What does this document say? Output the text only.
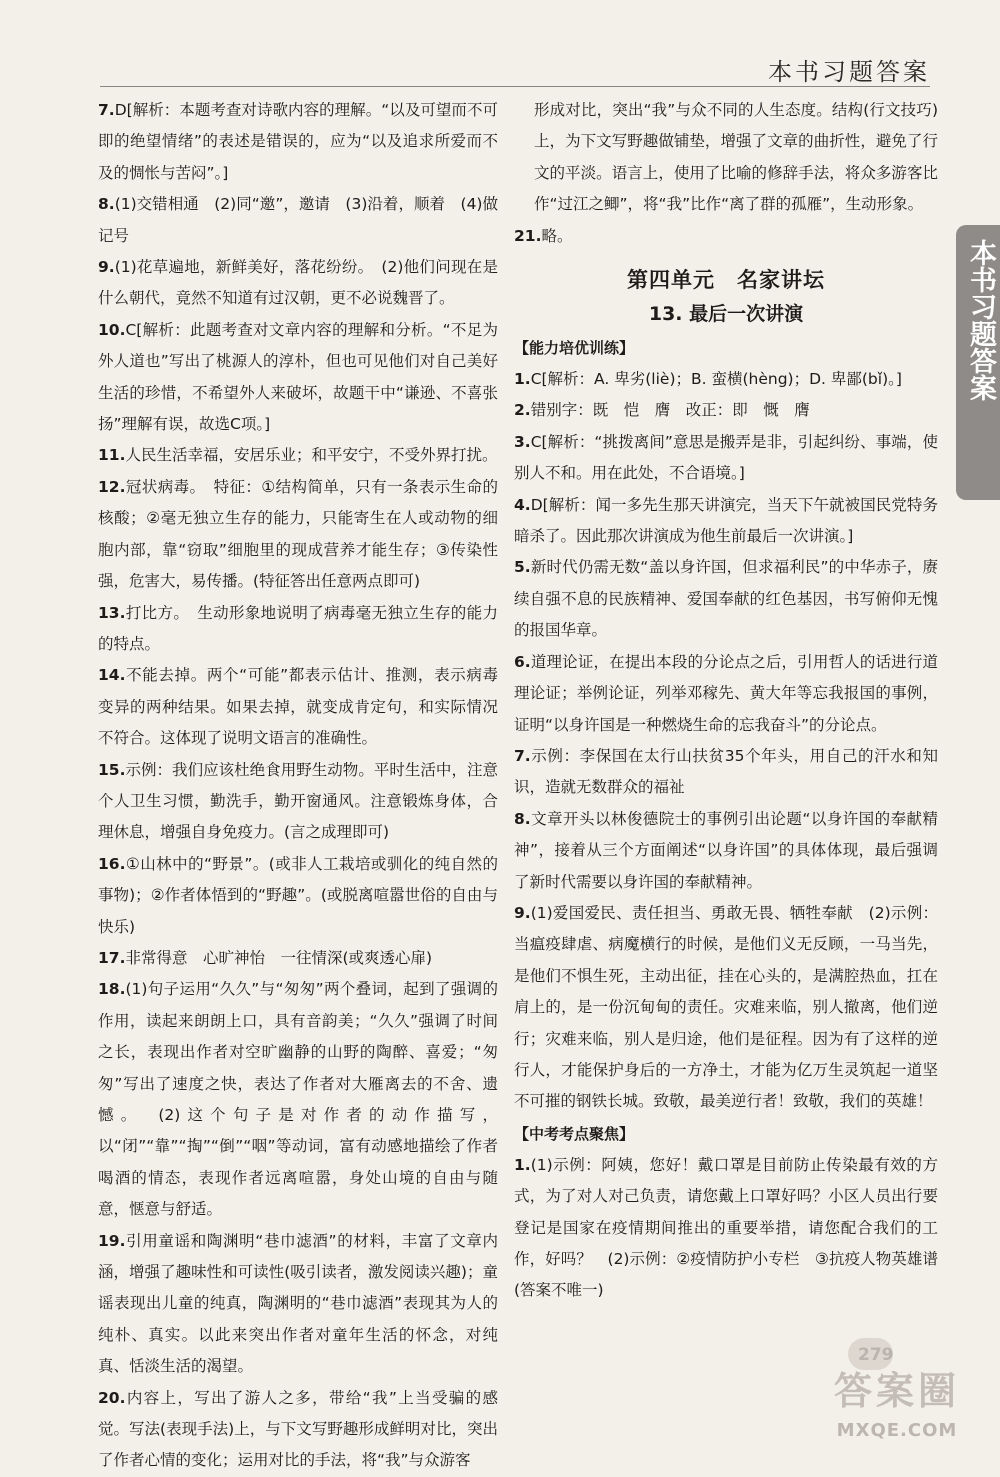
本书习题答案
本书习题答案
7.D[解析：本题考查对诗歌内容的理解。“以及可望而不可即的绝望情绪”的表述是错误的，应为“以及追求所爱而不及的惆怅与苦闷”。]
8.(1)交错相通　(2)同“邀”，邀请　(3)沿着，顺着　(4)做记号
9.(1)花草遍地，新鲜美好，落花纷纷。　(2)他们问现在是什么朝代，竟然不知道有过汉朝，更不必说魏晋了。
10.C[解析：此题考查对文章内容的理解和分析。“不足为外人道也”写出了桃源人的淳朴，但也可见他们对自己美好生活的珍惜，不希望外人来破坏，故题干中“谦逊、不喜张扬”理解有误，故选C项。]
11.人民生活幸福，安居乐业；和平安宁，不受外界打扰。
12.冠状病毒。　特征：①结构简单，只有一条表示生命的核酸；②毫无独立生存的能力，只能寄生在人或动物的细胞内部，靠“窃取”细胞里的现成营养才能生存；③传染性强，危害大，易传播。(特征答出任意两点即可)
13.打比方。　生动形象地说明了病毒毫无独立生存的能力的特点。
14.不能去掉。两个“可能”都表示估计、推测，表示病毒变异的两种结果。如果去掉，就变成肯定句，和实际情况不符合。这体现了说明文语言的准确性。
15.示例：我们应该杜绝食用野生动物。平时生活中，注意个人卫生习惯，勤洗手，勤开窗通风。注意锻炼身体，合理休息，增强自身免疫力。(言之成理即可)
16.①山林中的“野景”。(或非人工栽培或驯化的纯自然的事物)；②作者体悟到的“野趣”。(或脱离喧嚣世俗的自由与快乐)
17.非常得意　心旷神怡　一往情深(或爽透心扉)
18.(1)句子运用“久久”与“匆匆”两个叠词，起到了强调的作用，读起来朗朗上口，具有音韵美；“久久”强调了时间之长，表现出作者对空旷幽静的山野的陶醉、喜爱；“匆匆”写出了速度之快，表达了作者对大雁离去的不舍、遗憾。　(2)这个句子是对作者的动作描写，以“闭”“靠”“掏”“倒”“咽”等动词，富有动感地描绘了作者喝酒的情态，表现作者远离喧嚣，身处山境的自由与随意，惬意与舒适。
19.引用童谣和陶渊明“巷巾滤酒”的材料，丰富了文章内涵，增强了趣味性和可读性(吸引读者，激发阅读兴趣)；童谣表现出儿童的纯真，陶渊明的“巷巾滤酒”表现其为人的纯朴、真实。以此来突出作者对童年生活的怀念，对纯真、恬淡生活的渴望。
20.内容上，写出了游人之多，带给“我”上当受骗的感觉。写法(表现手法)上，与下文写野趣形成鲜明对比，突出了作者心情的变化；运用对比的手法，将“我”与众游客
形成对比，突出“我”与众不同的人生态度。结构(行文技巧)上，为下文写野趣做铺垫，增强了文章的曲折性，避免了行文的平淡。语言上，使用了比喻的修辞手法，将众多游客比作“过江之鲫”，将“我”比作“离了群的孤雁”，生动形象。
21.略。
第四单元　名家讲坛
13. 最后一次讲演
【能力培优训练】
1.C[解析：A. 卑劣(liè)；B. 蛮横(hèng)；D. 卑鄙(bǐ)。]
2.错别字：既　恺　膺　改正：即　慨　膺
3.C[解析：“挑拨离间”意思是搬弄是非，引起纠纷、事端，使别人不和。用在此处，不合语境。]
4.D[解析：闻一多先生那天讲演完，当天下午就被国民党特务暗杀了。因此那次讲演成为他生前最后一次讲演。]
5.新时代仍需无数“盖以身许国，但求福利民”的中华赤子，赓续自强不息的民族精神、爱国奉献的红色基因，书写俯仰无愧的报国华章。
6.道理论证，在提出本段的分论点之后，引用哲人的话进行道理论证；举例论证，列举邓稼先、黄大年等忘我报国的事例，证明“以身许国是一种燃烧生命的忘我奋斗”的分论点。
7.示例：李保国在太行山扶贫35个年头，用自己的汗水和知识，造就无数群众的福祉
8.文章开头以林俊德院士的事例引出论题“以身许国的奉献精神”，接着从三个方面阐述“以身许国”的具体体现，最后强调了新时代需要以身许国的奉献精神。
9.(1)爱国爱民、责任担当、勇敢无畏、牺牲奉献　(2)示例：当瘟疫肆虐、病魔横行的时候，是他们义无反顾，一马当先，是他们不惧生死，主动出征，挂在心头的，是满腔热血，扛在肩上的，是一份沉甸甸的责任。灾难来临，别人撤离，他们逆行；灾难来临，别人是归途，他们是征程。因为有了这样的逆行人，才能保护身后的一方净土，才能为亿万生灵筑起一道坚不可摧的钢铁长城。致敬，最美逆行者！致敬，我们的英雄！
【中考考点聚焦】
1.(1)示例：阿姨，您好！戴口罩是目前防止传染最有效的方式，为了对人对己负责，请您戴上口罩好吗？小区人员出行要登记是国家在疫情期间推出的重要举措，请您配合我们的工作，好吗？　(2)示例：②疫情防护小专栏　③抗疫人物英雄谱　(答案不唯一)
279
答案圈
MXQE.COM
